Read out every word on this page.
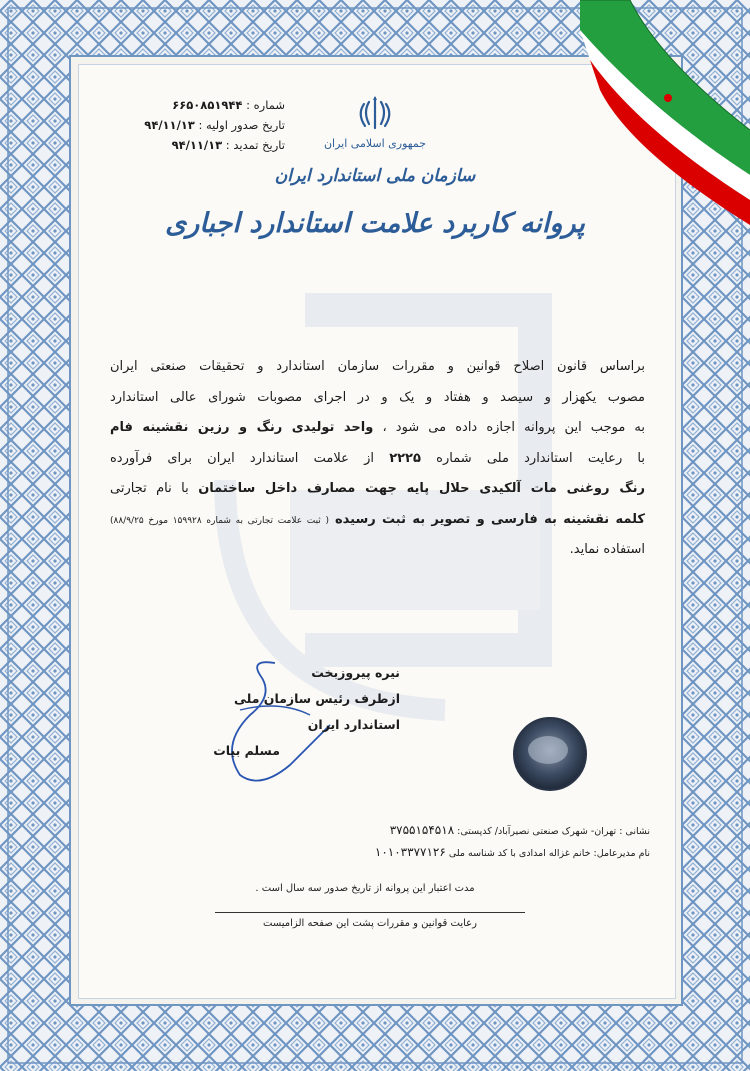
شماره : ۶۶۵۰۸۵۱۹۴۴
تاریخ صدور اولیه : ۹۴/۱۱/۱۳
تاریخ تمدید : ۹۴/۱۱/۱۳	جمهوری اسلامی ایران
سازمان ملی استاندارد ایران
پروانه کاربرد علامت استاندارد اجباری

براساس قانون اصلاح قوانین و مقررات سازمان استاندارد و تحقیقات صنعتی ایران

مصوب یکهزار و سیصد و هفتاد و یک و در اجرای مصوبات شورای عالی استاندارد

به موجب این پروانه اجازه داده می شود ، واحد تولیدی رنگ و رزین نقشینه فام

با رعایت استاندارد ملی شماره ۲۲۲۵ از علامت استاندارد ایران برای فرآورده

رنگ روغنی مات آلکیدی حلال پایه جهت مصارف داخل ساختمان با نام تجارتی

کلمه نقشینه به فارسی و تصویر به ثبت رسیده ( ثبت علامت تجارتی به شماره ۱۵۹۹۲۸ مورخ ۸۸/۹/۲۵)

استفاده نماید.

نیره پیروزبخت
ازطرف رئیس سازمان ملی استاندارد ایران
مسلم بیات
نشانی : تهران- شهرک صنعتی نصیرآباد/ کدپستی: ۳۷۵۵۱۵۴۵۱۸
نام مدیرعامل: خانم غزاله امدادی با کد شناسه ملی ۱۰۱۰۳۳۷۷۱۲۶
مدت اعتبار این پروانه از تاریخ صدور سه سال است .
رعایت قوانین و مقررات پشت این صفحه الزامیست
